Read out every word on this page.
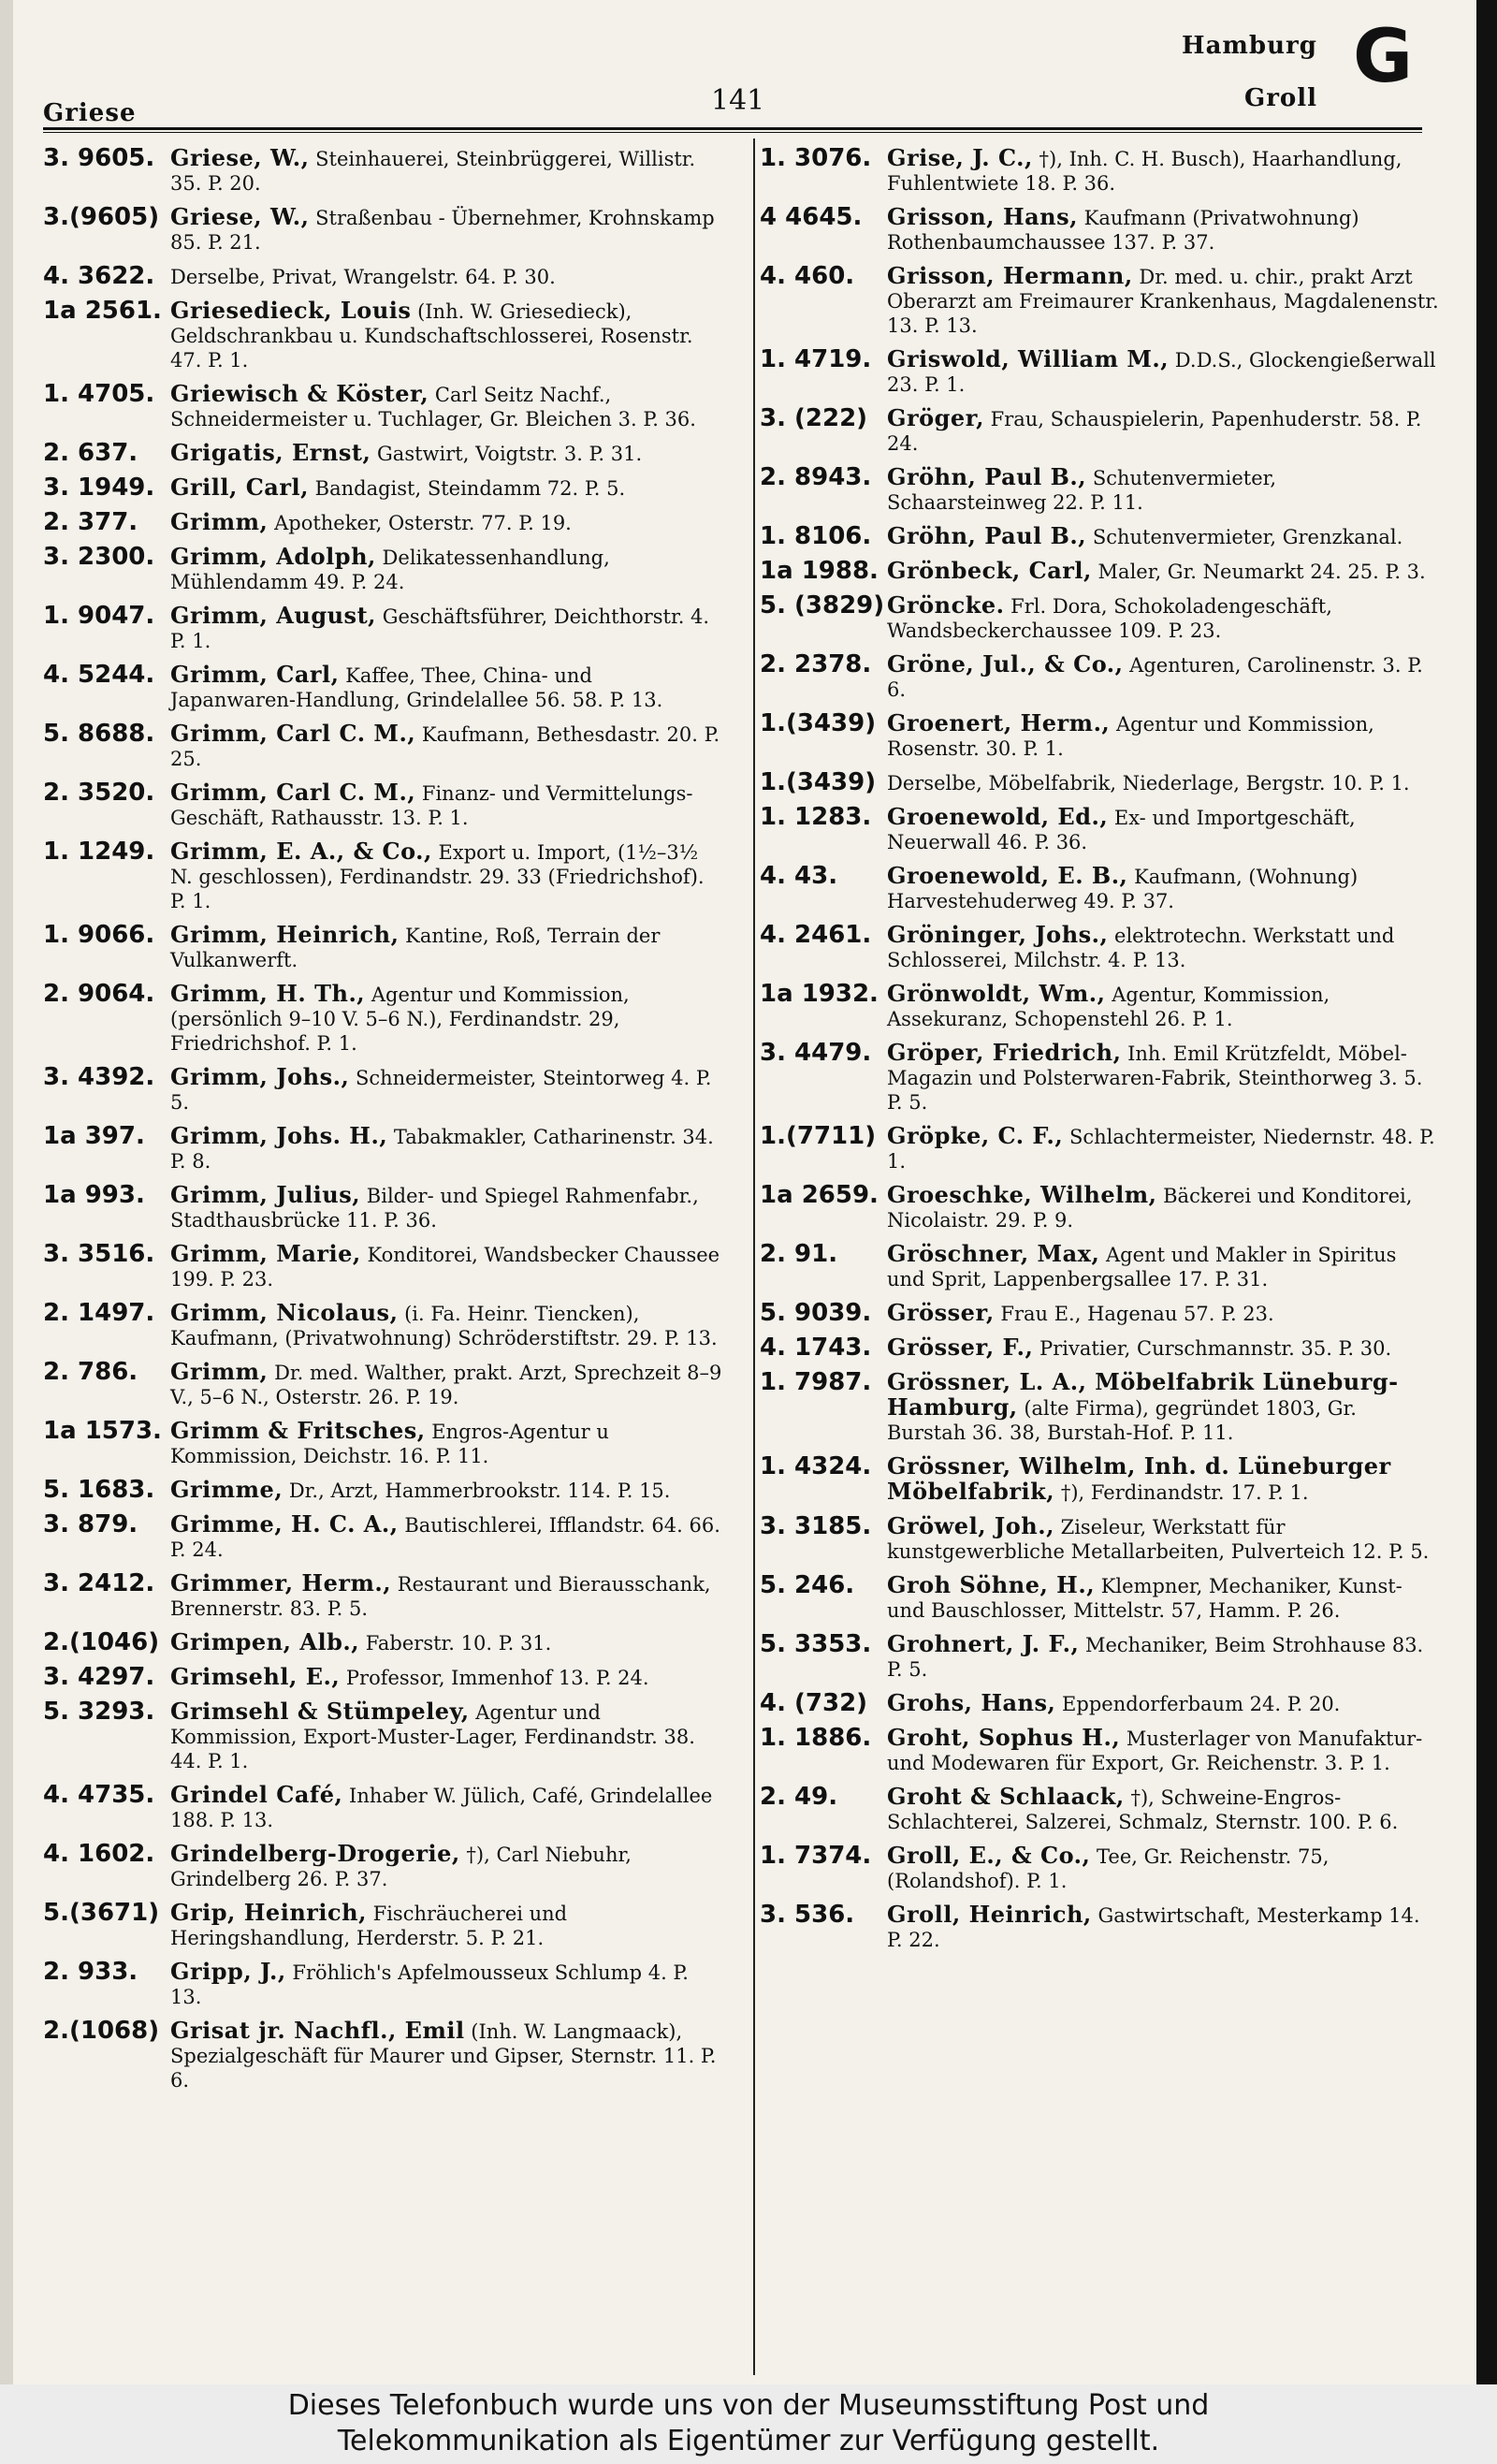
Griese	141
Hamburg
Groll G
3. 9605. Griese, W., Steinhauerei, Steinbrüggerei, Willistr. 35. P. 20.
3.(9605) Griese, W., Straßenbau - Übernehmer, Krohnskamp 85. P. 21.
4. 3622. Derselbe, Privat, Wrangelstr. 64. P. 30.
1a 2561. Griesedieck, Louis (Inh. W. Griesedieck), Geldschrankbau u. Kundschaftschlosserei, Rosenstr. 47. P. 1.
1. 4705. Griewisch & Köster, Carl Seitz Nachf., Schneidermeister u. Tuchlager, Gr. Bleichen 3. P. 36.
2. 637.	Grigatis, Ernst, Gastwirt, Voigtstr. 3. P. 31.
3. 1949. Grill, Carl, Bandagist, Steindamm 72. P. 5.
2. 377.	Grimm, Apotheker, Osterstr. 77. P. 19.
3. 2300. Grimm, Adolph, Delikatessenhandlung, Mühlendamm 49. P. 24.
1. 9047. Grimm, August, Geschäftsführer, Deichthorstr. 4. P. 1.
4. 5244. Grimm, Carl, Kaffee, Thee, China- und Japanwaren-Handlung, Grindelallee 56. 58. P. 13.
5. 8688. Grimm, Carl C. M., Kaufmann, Bethesdastr. 20. P. 25.
2. 3520. Grimm, Carl C. M., Finanz- und Vermittelungs-Geschäft, Rathausstr. 13. P. 1.
1. 1249. Grimm, E. A., & Co., Export u. Import, (1½–3½ N. geschlossen), Ferdinandstr. 29. 33 (Friedrichshof). P. 1.
1. 9066. Grimm, Heinrich, Kantine, Roß, Terrain der Vulkanwerft.
2. 9064. Grimm, H. Th., Agentur und Kommission, (persönlich 9–10 V. 5–6 N.), Ferdinandstr. 29, Friedrichshof. P. 1.
3. 4392. Grimm, Johs., Schneidermeister, Steintorweg 4. P. 5.
1a 397.	Grimm, Johs. H., Tabakmakler, Catharinenstr. 34. P. 8.
1a 993.	Grimm, Julius, Bilder- und Spiegel Rahmenfabr., Stadthausbrücke 11. P. 36.
3. 3516. Grimm, Marie, Konditorei, Wandsbecker Chaussee 199. P. 23.
2. 1497. Grimm, Nicolaus, (i. Fa. Heinr. Tiencken), Kaufmann, (Privatwohnung) Schröderstiftstr. 29. P. 13.
2. 786.	Grimm, Dr. med. Walther, prakt. Arzt, Sprechzeit 8–9 V., 5–6 N., Osterstr. 26. P. 19.
1a 1573. Grimm & Fritsches, Engros-Agentur u Kommission, Deichstr. 16. P. 11.
5. 1683. Grimme, Dr., Arzt, Hammerbrookstr. 114. P. 15.
3. 879.	Grimme, H. C. A., Bautischlerei, Ifflandstr. 64. 66. P. 24.
3. 2412. Grimmer, Herm., Restaurant und Bierausschank, Brennerstr. 83. P. 5.
2.(1046) Grimpen, Alb., Faberstr. 10. P. 31.
3. 4297. Grimsehl, E., Professor, Immenhof 13. P. 24.
5. 3293. Grimsehl & Stümpeley, Agentur und Kommission, Export-Muster-Lager, Ferdinandstr. 38. 44. P. 1.
4. 4735. Grindel Café, Inhaber W. Jülich, Café, Grindelallee 188. P. 13.
4. 1602. Grindelberg-Drogerie, †), Carl Niebuhr, Grindelberg 26. P. 37.
5.(3671) Grip, Heinrich, Fischräucherei und Heringshandlung, Herderstr. 5. P. 21.
2. 933.	Gripp, J., Fröhlich's Apfelmousseux Schlump 4. P. 13.
2.(1068) Grisat jr. Nachfl., Emil (Inh. W. Langmaack), Spezialgeschäft für Maurer und Gipser, Sternstr. 11. P. 6.
1. 3076. Grise, J. C., †), Inh. C. H. Busch), Haarhandlung, Fuhlentwiete 18. P. 36.
4 4645.	Grisson, Hans, Kaufmann (Privatwohnung) Rothenbaumchaussee 137. P. 37.
4. 460.	Grisson, Hermann, Dr. med. u. chir., prakt Arzt Oberarzt am Freimaurer Krankenhaus, Magdalenenstr. 13. P. 13.
1. 4719. Griswold, William M., D.D.S., Glockengießerwall 23. P. 1.
3. (222) Gröger, Frau, Schauspielerin, Papenhuderstr. 58. P. 24.
2. 8943. Gröhn, Paul B., Schutenvermieter, Schaarsteinweg 22. P. 11.
1. 8106. Gröhn, Paul B., Schutenvermieter, Grenzkanal.
1a 1988. Grönbeck, Carl, Maler, Gr. Neumarkt 24. 25. P. 3.
5. (3829) Gröncke. Frl. Dora, Schokoladengeschäft, Wandsbeckerchaussee 109. P. 23.
2. 2378. Gröne, Jul., & Co., Agenturen, Carolinenstr. 3. P. 6.
1.(3439) Groenert, Herm., Agentur und Kommission, Rosenstr. 30. P. 1.
1.(3439) Derselbe, Möbelfabrik, Niederlage, Bergstr. 10. P. 1.
1. 1283. Groenewold, Ed., Ex- und Importgeschäft, Neuerwall 46. P. 36.
4. 43.	Groenewold, E. B., Kaufmann, (Wohnung) Harvestehuderweg 49. P. 37.
4. 2461. Gröninger, Johs., elektrotechn. Werkstatt und Schlosserei, Milchstr. 4. P. 13.
1a 1932. Grönwoldt, Wm., Agentur, Kommission, Assekuranz, Schopenstehl 26. P. 1.
3. 4479. Gröper, Friedrich, Inh. Emil Krützfeldt, Möbel-Magazin und Polsterwaren-Fabrik, Steinthorweg 3. 5. P. 5.
1.(7711) Gröpke, C. F., Schlachtermeister, Niedernstr. 48. P. 1.
1a 2659. Groeschke, Wilhelm, Bäckerei und Konditorei, Nicolaistr. 29. P. 9.
2. 91.	Gröschner, Max, Agent und Makler in Spiritus und Sprit, Lappenbergsallee 17. P. 31.
5. 9039. Grösser, Frau E., Hagenau 57. P. 23.
4. 1743. Grösser, F., Privatier, Curschmannstr. 35. P. 30.
1. 7987. Grössner, L. A., Möbelfabrik Lüneburg-Hamburg, (alte Firma), gegründet 1803, Gr. Burstah 36. 38, Burstah-Hof. P. 11.
1. 4324. Grössner, Wilhelm, Inh. d. Lüneburger Möbelfabrik, †), Ferdinandstr. 17. P. 1.
3. 3185. Gröwel, Joh., Ziseleur, Werkstatt für kunstgewerbliche Metallarbeiten, Pulverteich 12. P. 5.
5. 246.	Groh Söhne, H., Klempner, Mechaniker, Kunst- und Bauschlosser, Mittelstr. 57, Hamm. P. 26.
5. 3353. Grohnert, J. F., Mechaniker, Beim Strohhause 83. P. 5.
4. (732) Grohs, Hans, Eppendorferbaum 24. P. 20.
1. 1886. Groht, Sophus H., Musterlager von Manufaktur- und Modewaren für Export, Gr. Reichenstr. 3. P. 1.
2. 49.	Groht & Schlaack, †), Schweine-Engros-Schlachterei, Salzerei, Schmalz, Sternstr. 100. P. 6.
1. 7374. Groll, E., & Co., Tee, Gr. Reichenstr. 75, (Rolandshof). P. 1.
3. 536.	Groll, Heinrich, Gastwirtschaft, Mesterkamp 14. P. 22.
Dieses Telefonbuch wurde uns von der Museumsstiftung Post und
Telekommunikation als Eigentümer zur Verfügung gestellt.
